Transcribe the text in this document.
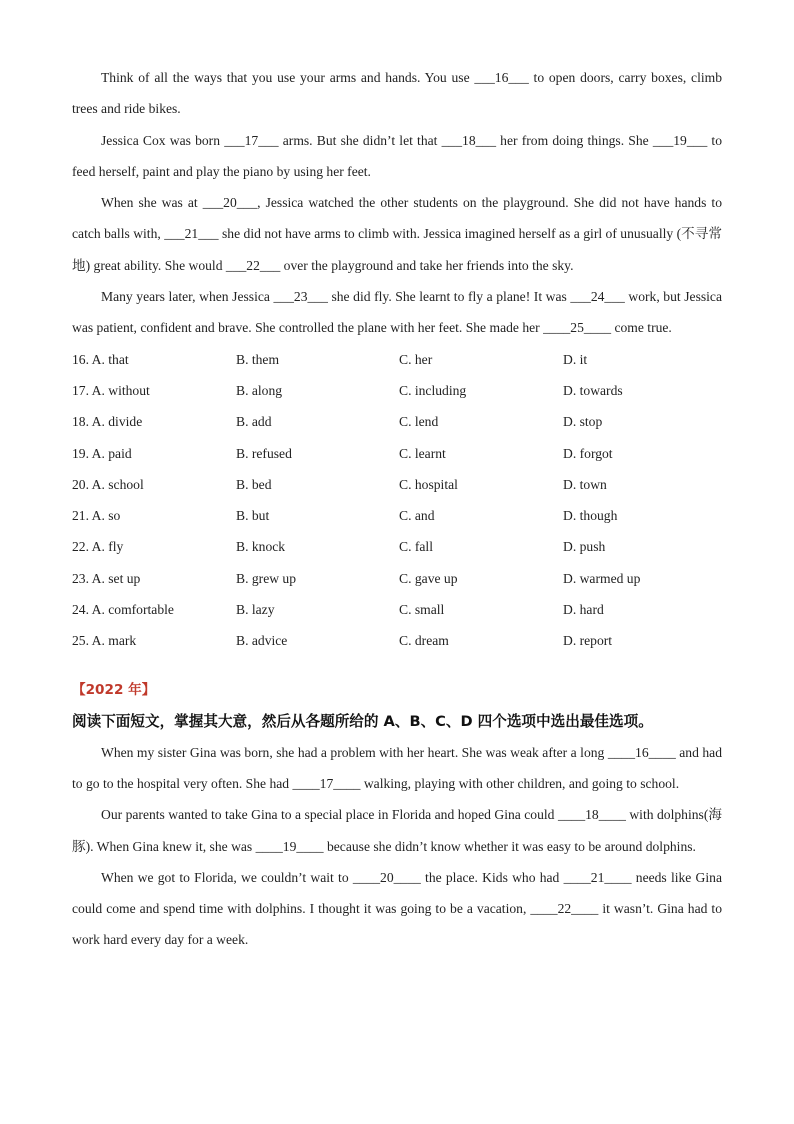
Think of all the ways that you use your arms and hands. You use ___16___ to open doors, carry boxes, climb trees and ride bikes.

Jessica Cox was born ___17___ arms. But she didn’t let that ___18___ her from doing things. She ___19___ to feed herself, paint and play the piano by using her feet.

When she was at ___20___, Jessica watched the other students on the playground. She did not have hands to catch balls with, ___21___ she did not have arms to climb with. Jessica imagined herself as a girl of unusually (不寻常地) great ability. She would ___22___ over the playground and take her friends into the sky.

Many years later, when Jessica ___23___ she did fly. She learnt to fly a plane! It was ___24___ work, but Jessica was patient, confident and brave. She controlled the plane with her feet. She made her ____25____ come true.

16. A. that	B. them	C. her	D. it
17. A. without	B. along	C. including	D. towards
18. A. divide	B. add	C. lend	D. stop
19. A. paid	B. refused	C. learnt	D. forgot
20. A. school	B. bed	C. hospital	D. town
21. A. so	B. but	C. and	D. though
22. A. fly	B. knock	C. fall	D. push
23. A. set up	B. grew up	C. gave up	D. warmed up
24. A. comfortable	B. lazy	C. small	D. hard
25. A. mark	B. advice	C. dream	D. report
【2022 年】
阅读下面短文，掌握其大意，然后从各题所给的 A、B、C、D 四个选项中选出最佳选项。

When my sister Gina was born, she had a problem with her heart. She was weak after a long ____16____ and had to go to the hospital very often. She had ____17____ walking, playing with other children, and going to school.

Our parents wanted to take Gina to a special place in Florida and hoped Gina could ____18____ with dolphins(海豚). When Gina knew it, she was ____19____ because she didn’t know whether it was easy to be around dolphins.

When we got to Florida, we couldn’t wait to ____20____ the place. Kids who had ____21____ needs like Gina could come and spend time with dolphins. I thought it was going to be a vacation, ____22____ it wasn’t. Gina had to work hard every day for a week.
